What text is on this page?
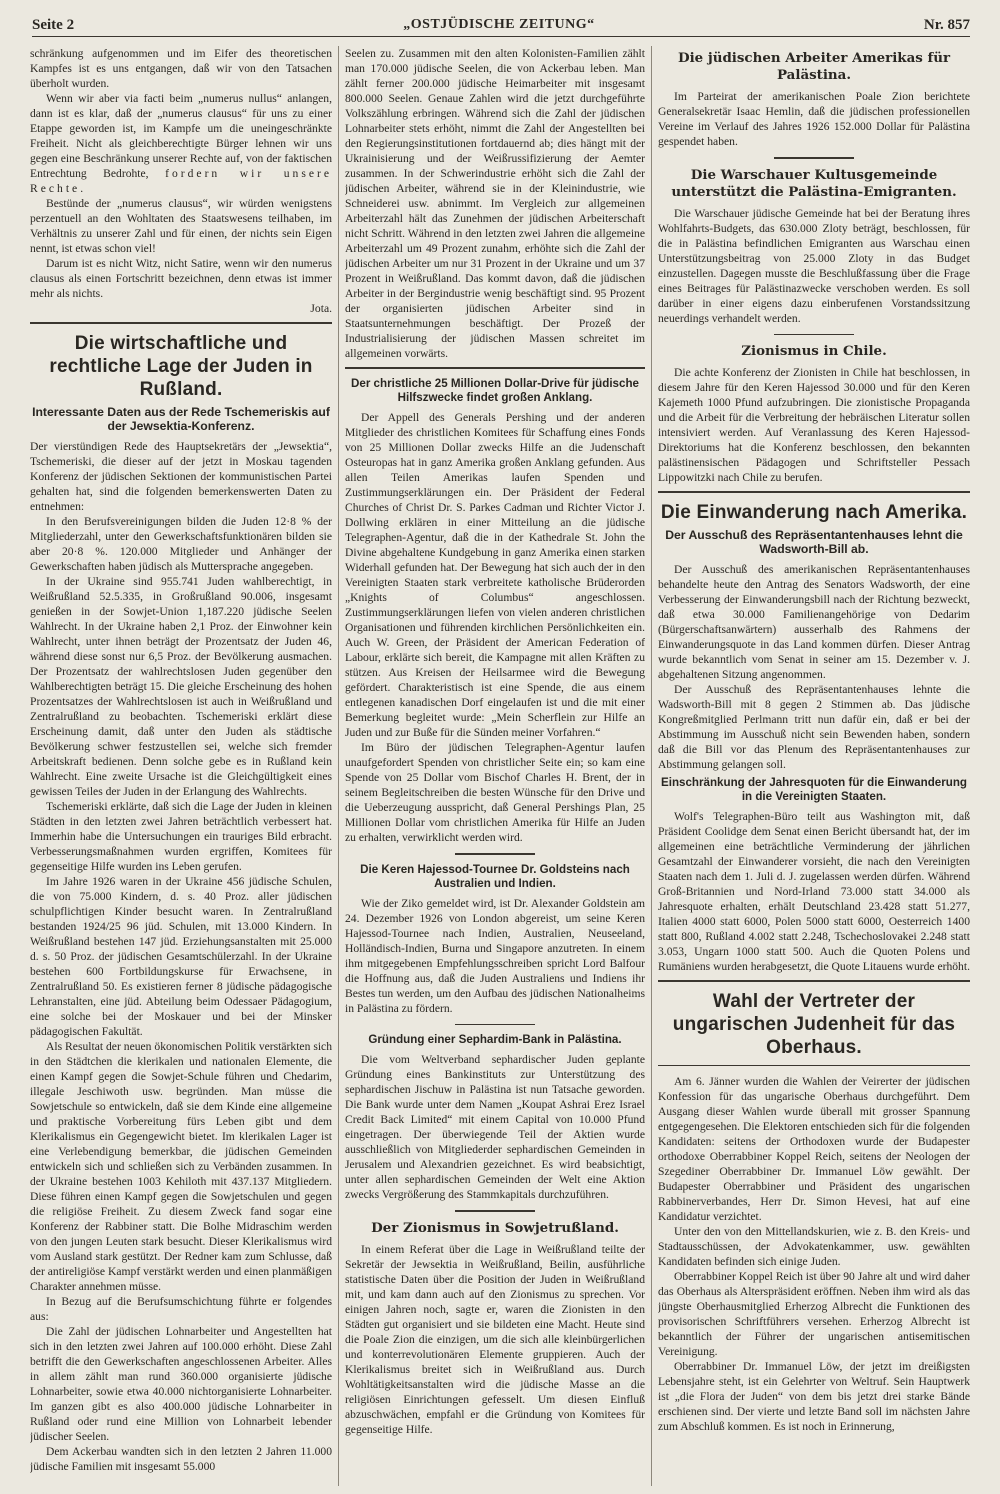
Seite 2	„OSTJÜDISCHE ZEITUNG“	Nr. 857

schränkung aufgenommen und im Eifer des theoretischen Kampfes ist es uns entgangen, daß wir von den Tatsachen überholt wurden.

Wenn wir aber via facti beim „numerus nullus“ anlangen, dann ist es klar, daß der „numerus clausus“ für uns zu einer Etappe geworden ist, im Kampfe um die uneingeschränkte Freiheit. Nicht als gleichberechtigte Bürger lehnen wir uns gegen eine Beschränkung unserer Rechte auf, von der faktischen Entrechtung Bedrohte, fordern wir unsere Rechte.

Bestünde der „numerus clausus“, wir würden wenigstens perzentuell an den Wohltaten des Staatswesens teilhaben, im Verhältnis zu unserer Zahl und für einen, der nichts sein Eigen nennt, ist etwas schon viel!

Darum ist es nicht Witz, nicht Satire, wenn wir den numerus clausus als einen Fortschritt bezeichnen, denn etwas ist immer mehr als nichts.

Jota.

Die wirtschaftliche und rechtliche Lage der Juden in Rußland.
Interessante Daten aus der Rede Tschemeriskis auf der Jewsektia-Konferenz.

Der vierstündigen Rede des Hauptsekretärs der „Jewsektia“, Tschemeriski, die dieser auf der jetzt in Moskau tagenden Konferenz der jüdischen Sektionen der kommunistischen Partei gehalten hat, sind die folgenden bemerkenswerten Daten zu entnehmen:

In den Berufsvereinigungen bilden die Juden 12·8 % der Mitgliederzahl, unter den Gewerkschaftsfunktionären bilden sie aber 20·8 %. 120.000 Mitglieder und Anhänger der Gewerkschaften haben jüdisch als Muttersprache angegeben.

In der Ukraine sind 955.741 Juden wahlberechtigt, in Weißrußland 52.5.335, in Großrußland 90.006, insgesamt genießen in der Sowjet-Union 1,187.220 jüdische Seelen Wahlrecht. In der Ukraine haben 2,1 Proz. der Einwohner kein Wahlrecht, unter ihnen beträgt der Prozentsatz der Juden 46, während diese sonst nur 6,5 Proz. der Bevölkerung ausmachen. Der Prozentsatz der wahlrechtslosen Juden gegenüber den Wahlberechtigten beträgt 15. Die gleiche Erscheinung des hohen Prozentsatzes der Wahlrechtslosen ist auch in Weißrußland und Zentralrußland zu beobachten. Tschemeriski erklärt diese Erscheinung damit, daß unter den Juden als städtische Bevölkerung schwer festzustellen sei, welche sich fremder Arbeitskraft bedienen. Denn solche gebe es in Rußland kein Wahlrecht. Eine zweite Ursache ist die Gleichgültigkeit eines gewissen Teiles der Juden in der Erlangung des Wahlrechts.

Tschemeriski erklärte, daß sich die Lage der Juden in kleinen Städten in den letzten zwei Jahren beträchtlich verbessert hat. Immerhin habe die Untersuchungen ein trauriges Bild erbracht. Verbesserungsmaßnahmen wurden ergriffen, Komitees für gegenseitige Hilfe wurden ins Leben gerufen.

Im Jahre 1926 waren in der Ukraine 456 jüdische Schulen, die von 75.000 Kindern, d. s. 40 Proz. aller jüdischen schulpflichtigen Kinder besucht waren. In Zentralrußland bestanden 1924/25 96 jüd. Schulen, mit 13.000 Kindern. In Weißrußland bestehen 147 jüd. Erziehungsanstalten mit 25.000 d. s. 50 Proz. der jüdischen Gesamtschülerzahl. In der Ukraine bestehen 600 Fortbildungskurse für Erwachsene, in Zentralrußland 50. Es existieren ferner 8 jüdische pädagogische Lehranstalten, eine jüd. Abteilung beim Odessaer Pädagogium, eine solche bei der Moskauer und bei der Minsker pädagogischen Fakultät.

Als Resultat der neuen ökonomischen Politik verstärkten sich in den Städtchen die klerikalen und nationalen Elemente, die einen Kampf gegen die Sowjet-Schule führen und Chedarim, illegale Jeschiwoth usw. begründen. Man müsse die Sowjetschule so entwickeln, daß sie dem Kinde eine allgemeine und praktische Vorbereitung fürs Leben gibt und dem Klerikalismus ein Gegengewicht bietet. Im klerikalen Lager ist eine Verlebendigung bemerkbar, die jüdischen Gemeinden entwickeln sich und schließen sich zu Verbänden zusammen. In der Ukraine bestehen 1003 Kehiloth mit 437.137 Mitgliedern. Diese führen einen Kampf gegen die Sowjetschulen und gegen die religiöse Freiheit. Zu diesem Zweck fand sogar eine Konferenz der Rabbiner statt. Die Bolhe Midraschim werden von den jungen Leuten stark besucht. Dieser Klerikalismus wird vom Ausland stark gestützt. Der Redner kam zum Schlusse, daß der antireligiöse Kampf verstärkt werden und einen planmäßigen Charakter annehmen müsse.

In Bezug auf die Berufsumschichtung führte er folgendes aus:

Die Zahl der jüdischen Lohnarbeiter und Angestellten hat sich in den letzten zwei Jahren auf 100.000 erhöht. Diese Zahl betrifft die den Gewerkschaften angeschlossenen Arbeiter. Alles in allem zählt man rund 360.000 organisierte jüdische Lohnarbeiter, sowie etwa 40.000 nichtorganisierte Lohnarbeiter. Im ganzen gibt es also 400.000 jüdische Lohnarbeiter in Rußland oder rund eine Million von Lohnarbeit lebender jüdischer Seelen.

Dem Ackerbau wandten sich in den letzten 2 Jahren 11.000 jüdische Familien mit insgesamt 55.000

Seelen zu. Zusammen mit den alten Kolonisten-Familien zählt man 170.000 jüdische Seelen, die von Ackerbau leben. Man zählt ferner 200.000 jüdische Heimarbeiter mit insgesamt 800.000 Seelen. Genaue Zahlen wird die jetzt durchgeführte Volkszählung erbringen. Während sich die Zahl der jüdischen Lohnarbeiter stets erhöht, nimmt die Zahl der Angestellten bei den Regierungsinstitutionen fortdauernd ab; dies hängt mit der Ukrainisierung und der Weißrussifizierung der Aemter zusammen. In der Schwerindustrie erhöht sich die Zahl der jüdischen Arbeiter, während sie in der Kleinindustrie, wie Schneiderei usw. abnimmt. Im Vergleich zur allgemeinen Arbeiterzahl hält das Zunehmen der jüdischen Arbeiterschaft nicht Schritt. Während in den letzten zwei Jahren die allgemeine Arbeiterzahl um 49 Prozent zunahm, erhöhte sich die Zahl der jüdischen Arbeiter um nur 31 Prozent in der Ukraine und um 37 Prozent in Weißrußland. Das kommt davon, daß die jüdischen Arbeiter in der Bergindustrie wenig beschäftigt sind. 95 Prozent der organisierten jüdischen Arbeiter sind in Staatsunternehmungen beschäftigt. Der Prozeß der Industrialisierung der jüdischen Massen schreitet im allgemeinen vorwärts.

Der christliche 25 Millionen Dollar-Drive für jüdische Hilfszwecke findet großen Anklang.

Der Appell des Generals Pershing und der anderen Mitglieder des christlichen Komitees für Schaffung eines Fonds von 25 Millionen Dollar zwecks Hilfe an die Judenschaft Osteuropas hat in ganz Amerika großen Anklang gefunden. Aus allen Teilen Amerikas laufen Spenden und Zustimmungserklärungen ein. Der Präsident der Federal Churches of Christ Dr. S. Parkes Cadman und Richter Victor J. Dollwing erklären in einer Mitteilung an die jüdische Telegraphen-Agentur, daß die in der Kathedrale St. John the Divine abgehaltene Kundgebung in ganz Amerika einen starken Widerhall gefunden hat. Der Bewegung hat sich auch der in den Vereinigten Staaten stark verbreitete katholische Brüderorden „Knights of Columbus“ angeschlossen. Zustimmungserklärungen liefen von vielen anderen christlichen Organisationen und führenden kirchlichen Persönlichkeiten ein. Auch W. Green, der Präsident der American Federation of Labour, erklärte sich bereit, die Kampagne mit allen Kräften zu stützen. Aus Kreisen der Heilsarmee wird die Bewegung gefördert. Charakteristisch ist eine Spende, die aus einem entlegenen kanadischen Dorf eingelaufen ist und die mit einer Bemerkung begleitet wurde: „Mein Scherflein zur Hilfe an Juden und zur Buße für die Sünden meiner Vorfahren.“

Im Büro der jüdischen Telegraphen-Agentur laufen unaufgefordert Spenden von christlicher Seite ein; so kam eine Spende von 25 Dollar vom Bischof Charles H. Brent, der in seinem Begleitschreiben die besten Wünsche für den Drive und die Ueberzeugung ausspricht, daß General Pershings Plan, 25 Millionen Dollar vom christlichen Amerika für Hilfe an Juden zu erhalten, verwirklicht werden wird.

Die Keren Hajessod-Tournee Dr. Goldsteins nach Australien und Indien.

Wie der Ziko gemeldet wird, ist Dr. Alexander Goldstein am 24. Dezember 1926 von London abgereist, um seine Keren Hajessod-Tournee nach Indien, Australien, Neuseeland, Holländisch-Indien, Burna und Singapore anzutreten. In einem ihm mitgegebenen Empfehlungsschreiben spricht Lord Balfour die Hoffnung aus, daß die Juden Australiens und Indiens ihr Bestes tun werden, um den Aufbau des jüdischen Nationalheims in Palästina zu fördern.

Gründung einer Sephardim-Bank in Palästina.

Die vom Weltverband sephardischer Juden geplante Gründung eines Bankinstituts zur Unterstützung des sephardischen Jischuw in Palästina ist nun Tatsache geworden. Die Bank wurde unter dem Namen „Koupat Ashrai Erez Israel Credit Back Limited“ mit einem Capital von 10.000 Pfund eingetragen. Der überwiegende Teil der Aktien wurde ausschließlich von Mitgliederder sephardischen Gemeinden in Jerusalem und Alexandrien gezeichnet. Es wird beabsichtigt, unter allen sephardischen Gemeinden der Welt eine Aktion zwecks Vergrößerung des Stammkapitals durchzuführen.

Der Zionismus in Sowjetrußland.

In einem Referat über die Lage in Weißrußland teilte der Sekretär der Jewsektia in Weißrußland, Beilin, ausführliche statistische Daten über die Position der Juden in Weißrußland mit, und kam dann auch auf den Zionismus zu sprechen. Vor einigen Jahren noch, sagte er, waren die Zionisten in den Städten gut organisiert und sie bildeten eine Macht. Heute sind die Poale Zion die einzigen, um die sich alle kleinbürgerlichen und konterrevolutionären Elemente gruppieren. Auch der Klerikalismus breitet sich in Weißrußland aus. Durch Wohltätigkeitsanstalten wird die jüdische Masse an die religiösen Einrichtungen gefesselt. Um diesen Einfluß abzuschwächen, empfahl er die Gründung von Komitees für gegenseitige Hilfe.

Die jüdischen Arbeiter Amerikas für Palästina.

Im Parteirat der amerikanischen Poale Zion berichtete Generalsekretär Isaac Hemlin, daß die jüdischen professionellen Vereine im Verlauf des Jahres 1926 152.000 Dollar für Palästina gespendet haben.

Die Warschauer Kultusgemeinde unterstützt die Palästina-Emigranten.

Die Warschauer jüdische Gemeinde hat bei der Beratung ihres Wohlfahrts-Budgets, das 630.000 Zloty beträgt, beschlossen, für die in Palästina befindlichen Emigranten aus Warschau einen Unterstützungsbeitrag von 25.000 Zloty in das Budget einzustellen. Dagegen musste die Beschlußfassung über die Frage eines Beitrages für Palästinazwecke verschoben werden. Es soll darüber in einer eigens dazu einberufenen Vorstandssitzung neuerdings verhandelt werden.

Zionismus in Chile.

Die achte Konferenz der Zionisten in Chile hat beschlossen, in diesem Jahre für den Keren Hajessod 30.000 und für den Keren Kajemeth 1000 Pfund aufzubringen. Die zionistische Propaganda und die Arbeit für die Verbreitung der hebräischen Literatur sollen intensiviert werden. Auf Veranlassung des Keren Hajessod-Direktoriums hat die Konferenz beschlossen, den bekannten palästinensischen Pädagogen und Schriftsteller Pessach Lippowitzki nach Chile zu berufen.

Die Einwanderung nach Amerika.
Der Ausschuß des Repräsentantenhauses lehnt die Wadsworth-Bill ab.

Der Ausschuß des amerikanischen Repräsentantenhauses behandelte heute den Antrag des Senators Wadsworth, der eine Verbesserung der Einwanderungsbill nach der Richtung bezweckt, daß etwa 30.000 Familienangehörige von Dedarim (Bürgerschaftsanwärtern) ausserhalb des Rahmens der Einwanderungsquote in das Land kommen dürfen. Dieser Antrag wurde bekanntlich vom Senat in seiner am 15. Dezember v. J. abgehaltenen Sitzung angenommen.

Der Ausschuß des Repräsentantenhauses lehnte die Wadsworth-Bill mit 8 gegen 2 Stimmen ab. Das jüdische Kongreßmitglied Perlmann tritt nun dafür ein, daß er bei der Abstimmung im Ausschuß nicht sein Bewenden haben, sondern daß die Bill vor das Plenum des Repräsentantenhauses zur Abstimmung gelangen soll.

Einschränkung der Jahresquoten für die Einwanderung in die Vereinigten Staaten.

Wolf's Telegraphen-Büro teilt aus Washington mit, daß Präsident Coolidge dem Senat einen Bericht übersandt hat, der im allgemeinen eine beträchtliche Verminderung der jährlichen Gesamtzahl der Einwanderer vorsieht, die nach den Vereinigten Staaten nach dem 1. Juli d. J. zugelassen werden dürfen. Während Groß-Britannien und Nord-Irland 73.000 statt 34.000 als Jahresquote erhalten, erhält Deutschland 23.428 statt 51.277, Italien 4000 statt 6000, Polen 5000 statt 6000, Oesterreich 1400 statt 800, Rußland 4.002 statt 2.248, Tschechoslovakei 2.248 statt 3.053, Ungarn 1000 statt 500. Auch die Quoten Polens und Rumäniens wurden herabgesetzt, die Quote Litauens wurde erhöht.

Wahl der Vertreter der ungarischen Judenheit für das Oberhaus.

Am 6. Jänner wurden die Wahlen der Veirerter der jüdischen Konfession für das ungarische Oberhaus durchgeführt. Dem Ausgang dieser Wahlen wurde überall mit grosser Spannung entgegengesehen. Die Elektoren entschieden sich für die folgenden Kandidaten: seitens der Orthodoxen wurde der Budapester orthodoxe Oberrabbiner Koppel Reich, seitens der Neologen der Szegediner Oberrabbiner Dr. Immanuel Löw gewählt. Der Budapester Oberrabbiner und Präsident des ungarischen Rabbinerverbandes, Herr Dr. Simon Hevesi, hat auf eine Kandidatur verzichtet.

Unter den von den Mittellandskurien, wie z. B. den Kreis- und Stadtausschüssen, der Advokatenkammer, usw. gewählten Kandidaten befinden sich einige Juden.

Oberrabbiner Koppel Reich ist über 90 Jahre alt und wird daher das Oberhaus als Alterspräsident eröffnen. Neben ihm wird als das jüngste Oberhausmitglied Erherzog Albrecht die Funktionen des provisorischen Schriftführers versehen. Erherzog Albrecht ist bekanntlich der Führer der ungarischen antisemitischen Vereinigung.

Oberrabbiner Dr. Immanuel Löw, der jetzt im dreißigsten Lebensjahre steht, ist ein Gelehrter von Weltruf. Sein Hauptwerk ist „die Flora der Juden“ von dem bis jetzt drei starke Bände erschienen sind. Der vierte und letzte Band soll im nächsten Jahre zum Abschluß kommen. Es ist noch in Erinnerung,
